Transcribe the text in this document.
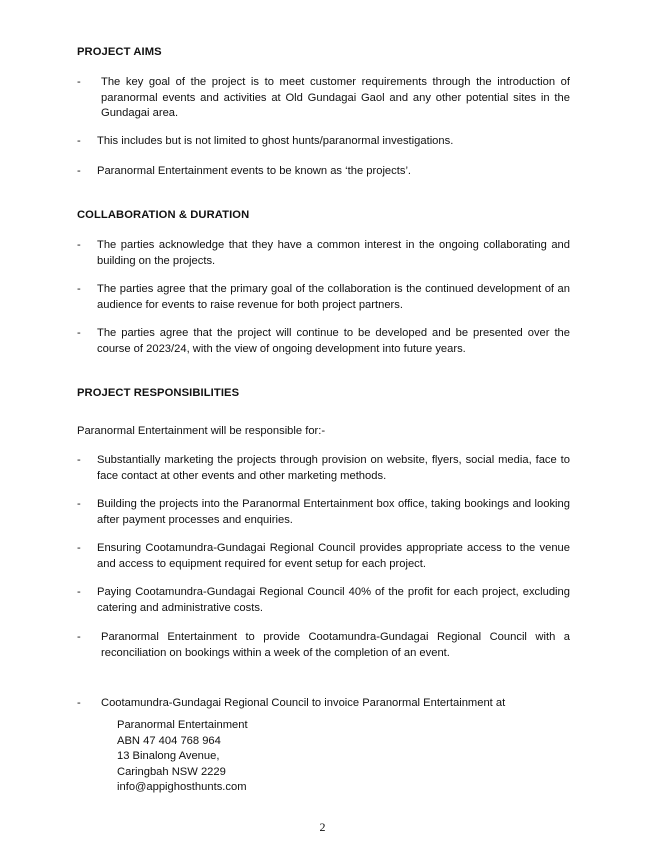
PROJECT AIMS
-	The key goal of the project is to meet customer requirements through the introduction of paranormal events and activities at Old Gundagai Gaol and any other potential sites in the Gundagai area.
-	This includes but is not limited to ghost hunts/paranormal investigations.
-	Paranormal Entertainment events to be known as ‘the projects’.
COLLABORATION & DURATION
-	The parties acknowledge that they have a common interest in the ongoing collaborating and building on the projects.
-	The parties agree that the primary goal of the collaboration is the continued development of an audience for events to raise revenue for both project partners.
-	The parties agree that the project will continue to be developed and be presented over the course of 2023/24, with the view of ongoing development into future years.
PROJECT RESPONSIBILITIES
Paranormal Entertainment will be responsible for:-
-	Substantially marketing the projects through provision on website, flyers, social media, face to face contact at other events and other marketing methods.
-	Building the projects into the Paranormal Entertainment box office, taking bookings and looking after payment processes and enquiries.
-	Ensuring Cootamundra-Gundagai Regional Council provides appropriate access to the venue and access to equipment required for event setup for each project.
-	Paying Cootamundra-Gundagai Regional Council 40% of the profit for each project, excluding catering and administrative costs.
-	Paranormal Entertainment to provide Cootamundra-Gundagai Regional Council with a reconciliation on bookings within a week of the completion of an event.
-	Cootamundra-Gundagai Regional Council to invoice Paranormal Entertainment at
Paranormal Entertainment
ABN 47 404 768 964
13 Binalong Avenue,
Caringbah NSW 2229
info@appighosthunts.com
2
